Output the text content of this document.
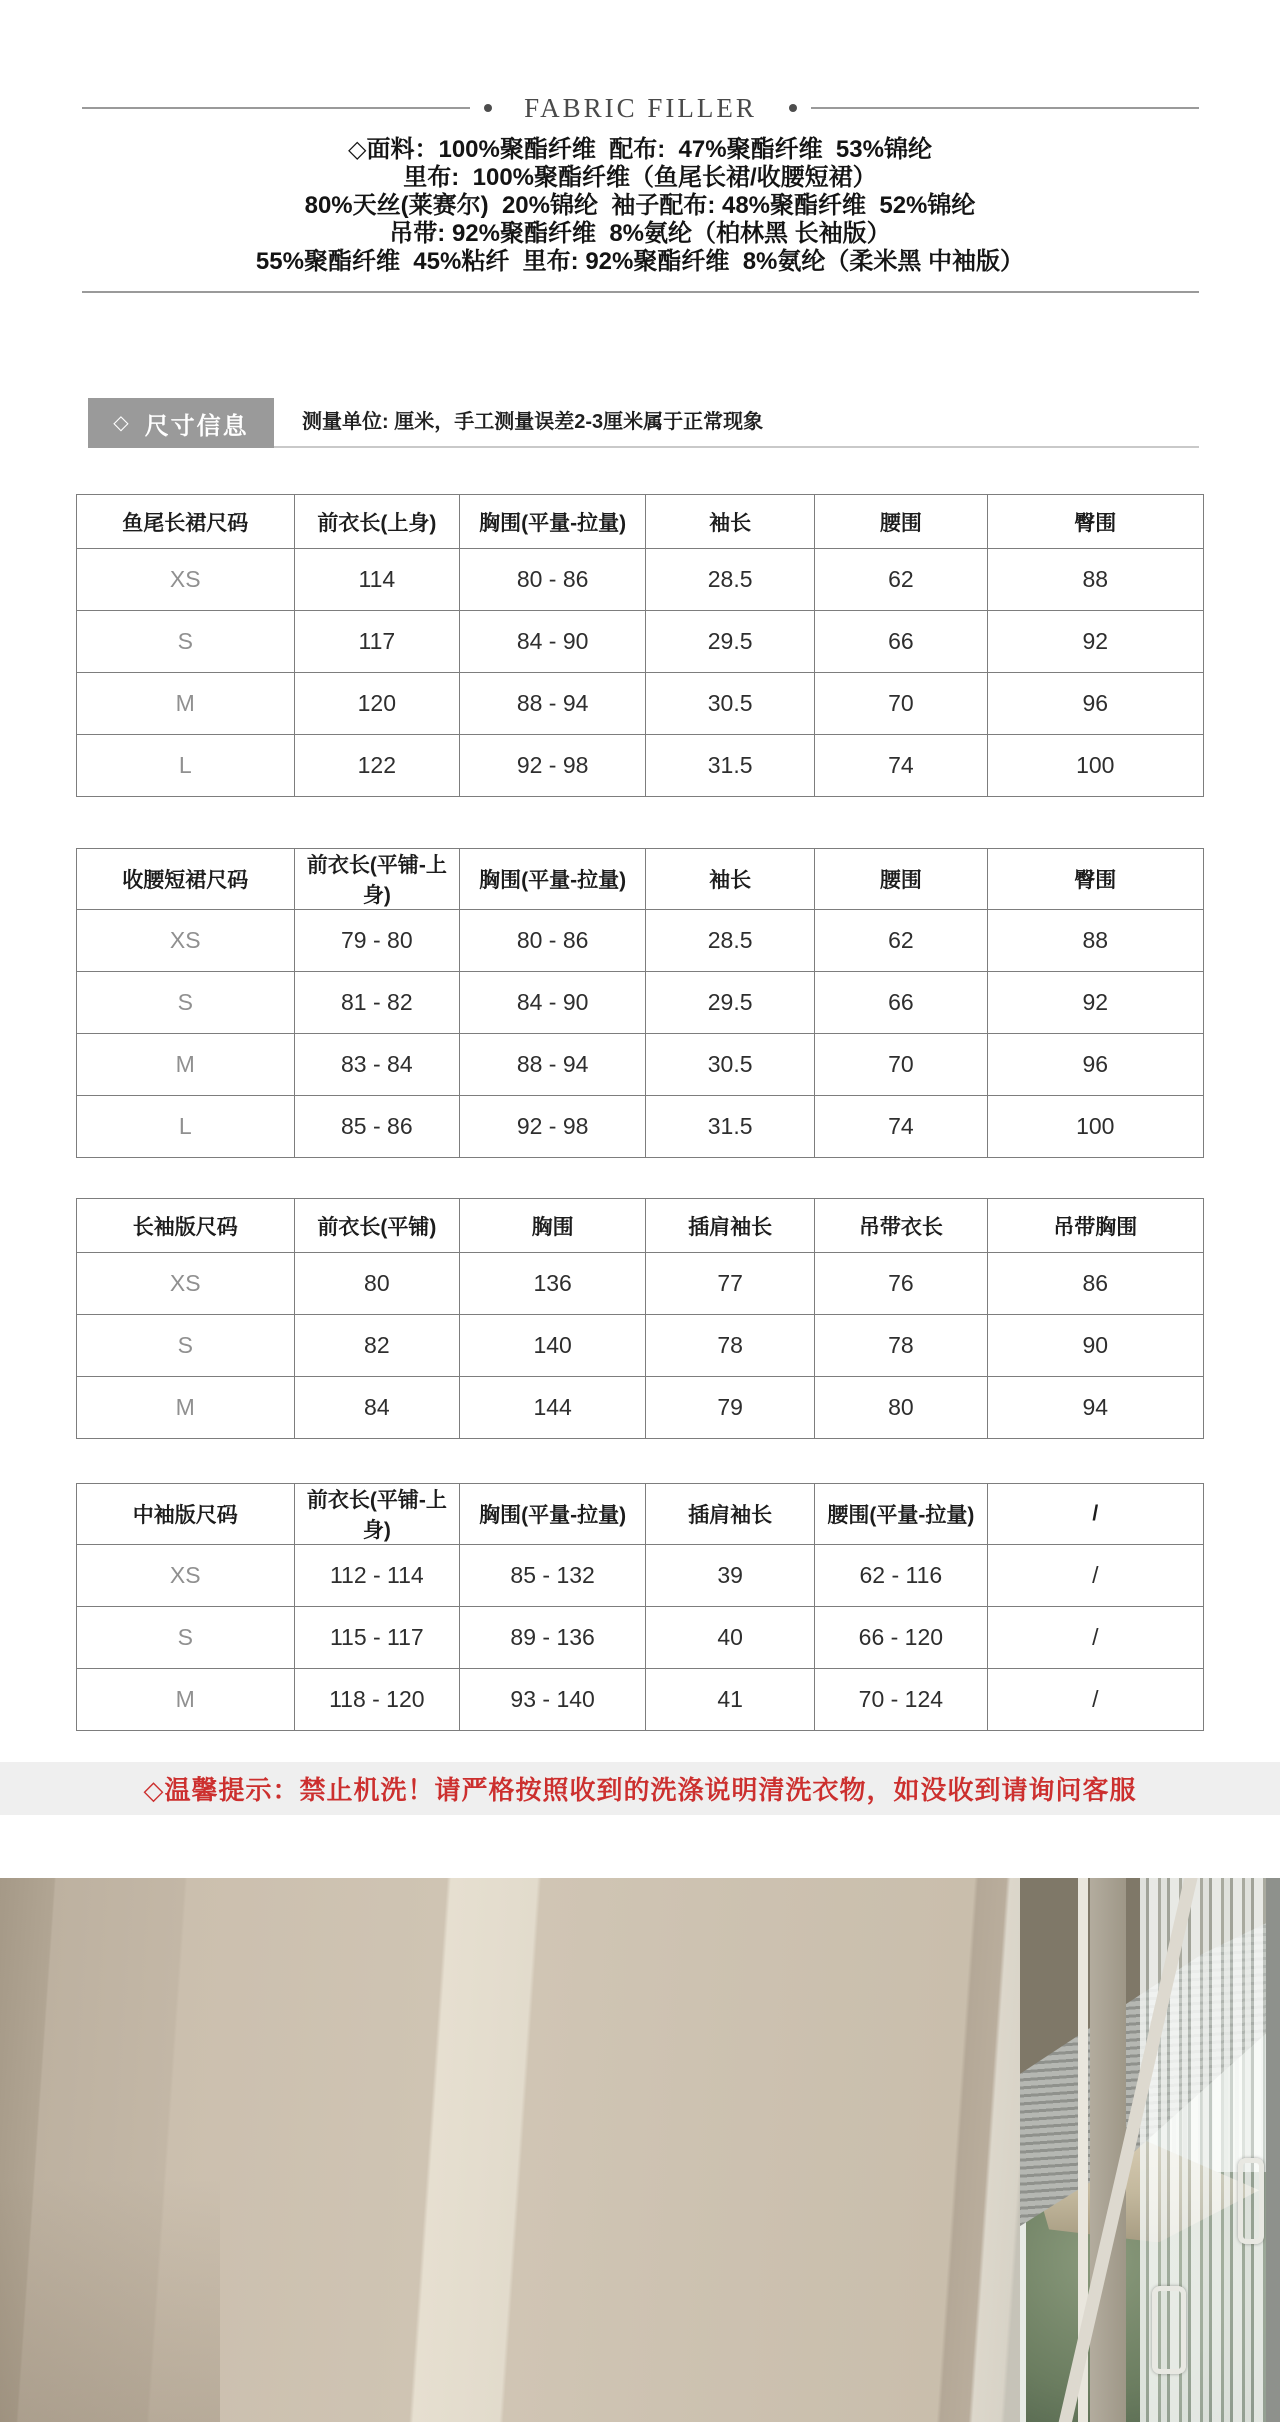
FABRIC FILLER
◇面料：100%聚酯纤维  配布:  47%聚酯纤维  53%锦纶
里布:  100%聚酯纤维（鱼尾长裙/收腰短裙）
80%天丝(莱赛尔)  20%锦纶  袖子配布: 48%聚酯纤维  52%锦纶
吊带: 92%聚酯纤维  8%氨纶（柏林黑 长袖版）
55%聚酯纤维  45%粘纤  里布: 92%聚酯纤维  8%氨纶（柔米黑 中袖版）
◇ 尺寸信息	测量单位: 厘米，手工测量误差2-3厘米属于正常现象
鱼尾长裙尺码	前衣长(上身)	胸围(平量-拉量)	袖长	腰围	臀围
XS	114	80 - 86	28.5	62	88
S	117	84 - 90	29.5	66	92
M	120	88 - 94	30.5	70	96
L	122	92 - 98	31.5	74	100
收腰短裙尺码	前衣长(平铺-上身)	胸围(平量-拉量)	袖长	腰围	臀围
XS	79 - 80	80 - 86	28.5	62	88
S	81 - 82	84 - 90	29.5	66	92
M	83 - 84	88 - 94	30.5	70	96
L	85 - 86	92 - 98	31.5	74	100
长袖版尺码	前衣长(平铺)	胸围	插肩袖长	吊带衣长	吊带胸围
XS	80	136	77	76	86
S	82	140	78	78	90
M	84	144	79	80	94
中袖版尺码	前衣长(平铺-上身)	胸围(平量-拉量)	插肩袖长	腰围(平量-拉量)	/
XS	112 - 114	85 - 132	39	62 - 116	/
S	115 - 117	89 - 136	40	66 - 120	/
M	118 - 120	93 - 140	41	70 - 124	/
◇温馨提示：禁止机洗！请严格按照收到的洗涤说明清洗衣物，如没收到请询问客服
